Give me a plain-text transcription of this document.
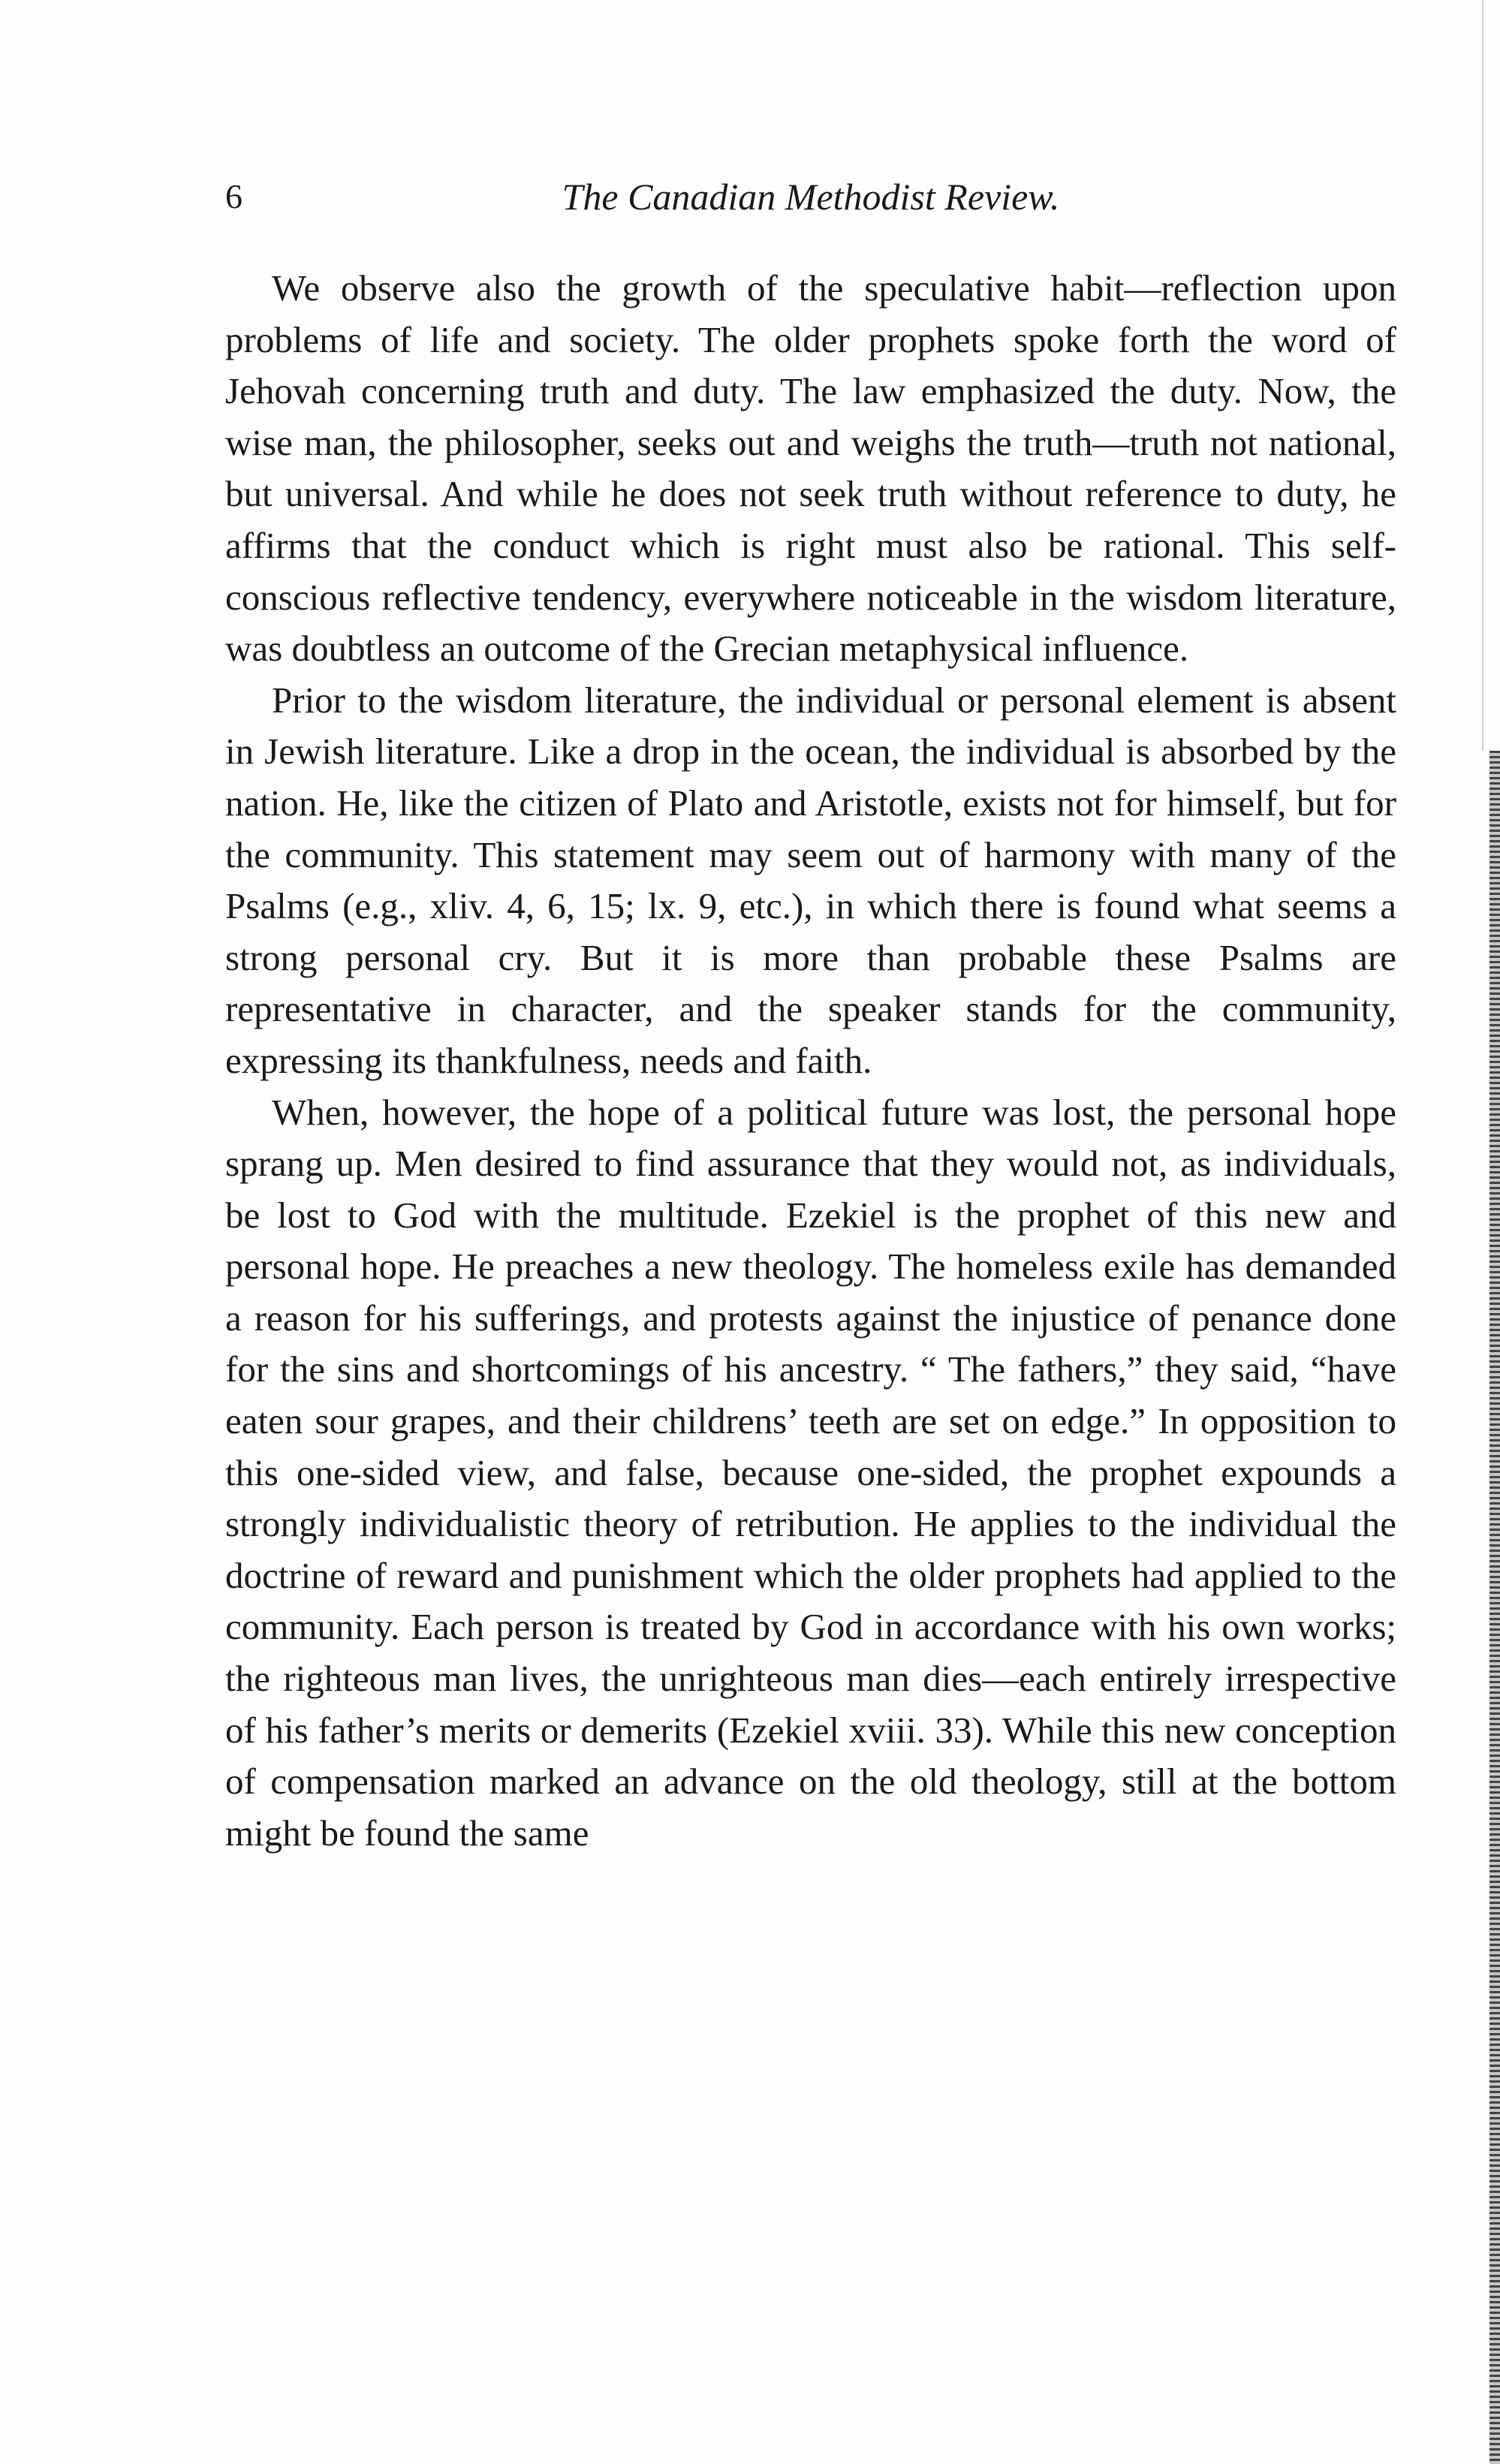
6	The Canadian Methodist Review.

We observe also the growth of the speculative habit—reflection upon problems of life and society. The older prophets spoke forth the word of Jehovah concerning truth and duty. The law emphasized the duty. Now, the wise man, the philosopher, seeks out and weighs the truth—truth not national, but universal. And while he does not seek truth without reference to duty, he affirms that the conduct which is right must also be rational. This self-conscious reflective tendency, everywhere noticeable in the wisdom literature, was doubtless an outcome of the Grecian metaphysical influence.

Prior to the wisdom literature, the individual or personal element is absent in Jewish literature. Like a drop in the ocean, the individual is absorbed by the nation. He, like the citizen of Plato and Aristotle, exists not for himself, but for the community. This statement may seem out of harmony with many of the Psalms (e.g., xliv. 4, 6, 15; lx. 9, etc.), in which there is found what seems a strong personal cry. But it is more than probable these Psalms are representative in character, and the speaker stands for the community, expressing its thankfulness, needs and faith.

When, however, the hope of a political future was lost, the personal hope sprang up. Men desired to find assurance that they would not, as individuals, be lost to God with the multitude. Ezekiel is the prophet of this new and personal hope. He preaches a new theology. The homeless exile has demanded a reason for his sufferings, and protests against the injustice of penance done for the sins and shortcomings of his ancestry. “ The fathers,” they said, “have eaten sour grapes, and their childrens’ teeth are set on edge.” In opposition to this one-sided view, and false, because one-sided, the prophet expounds a strongly individualistic theory of retribution. He applies to the individual the doctrine of reward and punishment which the older prophets had applied to the community. Each person is treated by God in accordance with his own works; the righteous man lives, the unrighteous man dies—each entirely irrespective of his father’s merits or demerits (Ezekiel xviii. 33). While this new conception of compensation marked an advance on the old theology, still at the bottom might be found the same
